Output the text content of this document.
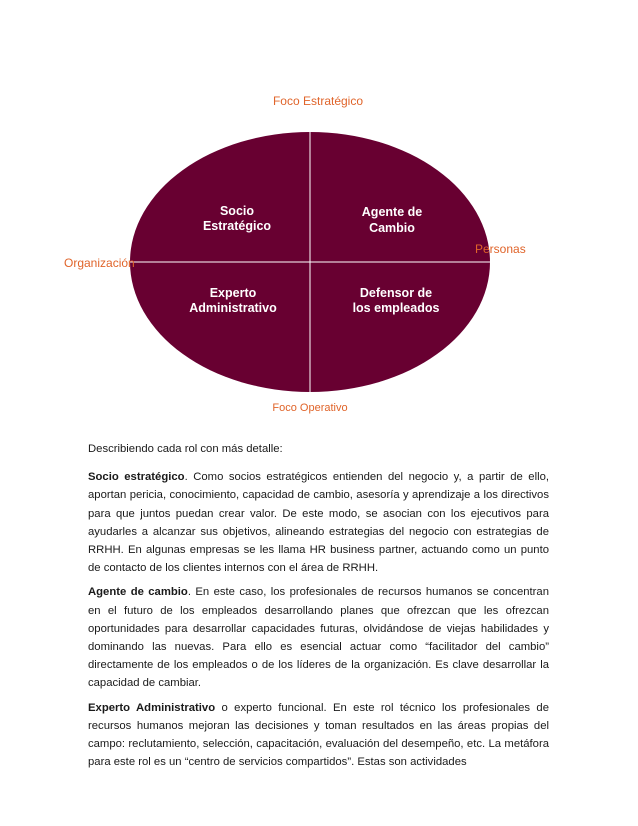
Foco Estratégico
Foco Operativo
Organización
Personas
Socio
Estratégico
Agente de
Cambio
Experto
Administrativo
Defensor de
los empleados

Describiendo cada rol con más detalle:

Socio estratégico. Como socios estratégicos entienden del negocio y, a partir de ello, aportan pericia, conocimiento, capacidad de cambio, asesoría y aprendizaje a los directivos para que juntos puedan crear valor. De este modo, se asocian con los ejecutivos para ayudarles a alcanzar sus objetivos, alineando estrategias del negocio con estrategias de RRHH. En algunas empresas se les llama HR business partner, actuando como un punto de contacto de los clientes internos con el área de RRHH.

Agente de cambio. En este caso, los profesionales de recursos humanos se concentran en el futuro de los empleados desarrollando planes que ofrezcan que les ofrezcan oportunidades para desarrollar capacidades futuras, olvidándose de viejas habilidades y dominando las nuevas. Para ello es esencial actuar como “facilitador del cambio” directamente de los empleados o de los líderes de la organización. Es clave desarrollar la capacidad de cambiar.

Experto Administrativo o experto funcional. En este rol técnico los profesionales de recursos humanos mejoran las decisiones y toman resultados en las áreas propias del campo: reclutamiento, selección, capacitación, evaluación del desempeño, etc. La metáfora para este rol es un “centro de servicios compartidos”. Estas son actividades
